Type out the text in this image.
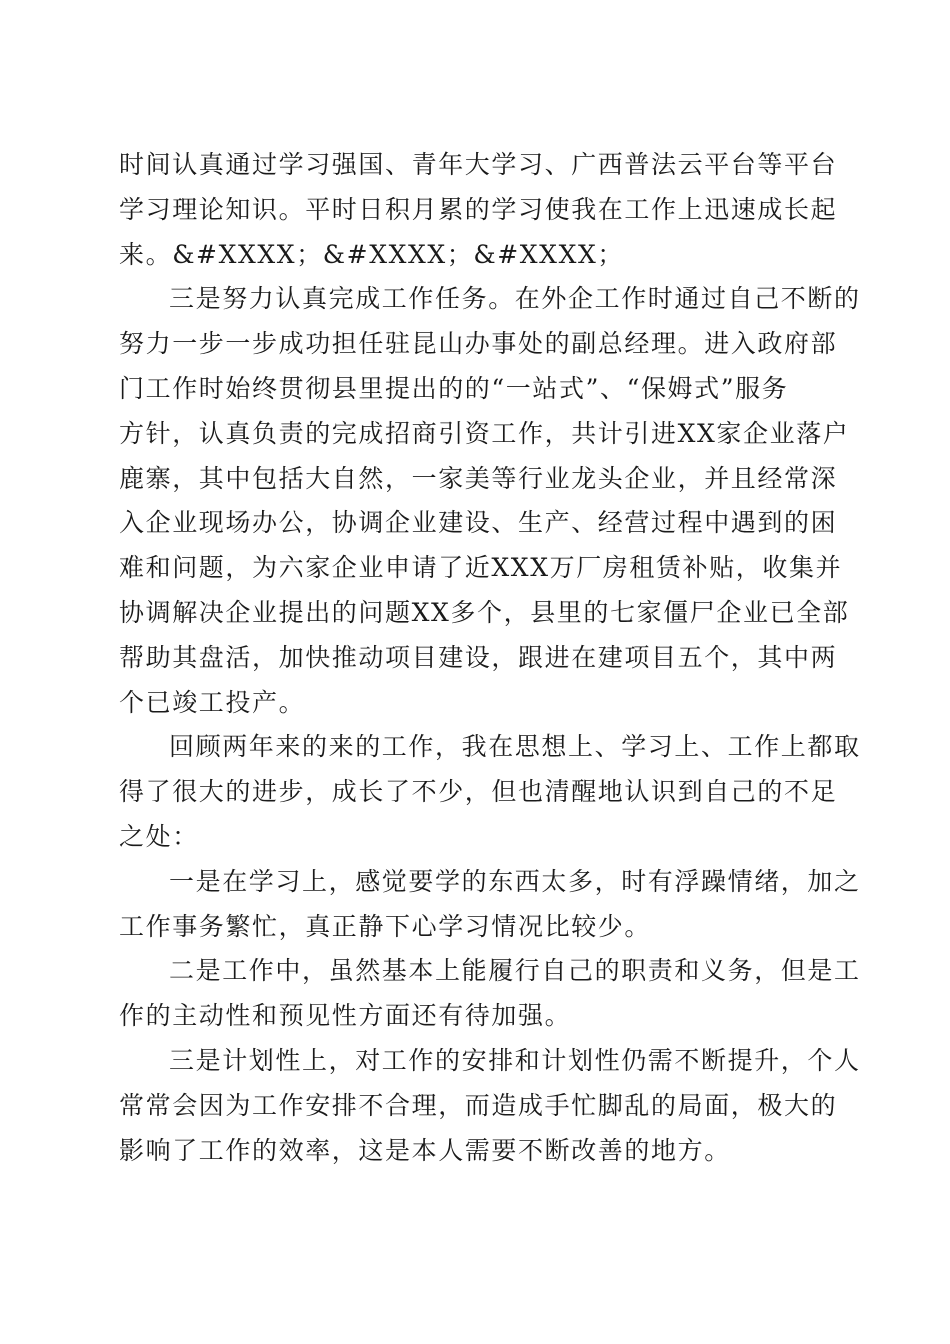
时间认真通过学习强国、青年大学习、广西普法云平台等平台
学习理论知识。平时日积月累的学习使我在工作上迅速成长起
来。&#XXXX；&#XXXX；&#XXXX；

三是努力认真完成工作任务。在外企工作时通过自己不断的
努力一步一步成功担任驻昆山办事处的副总经理。进入政府部
门工作时始终贯彻县里提出的的“一站式”、“保姆式”服务
方针，认真负责的完成招商引资工作，共计引进XX家企业落户
鹿寨，其中包括大自然，一家美等行业龙头企业，并且经常深
入企业现场办公，协调企业建设、生产、经营过程中遇到的困
难和问题，为六家企业申请了近XXX万厂房租赁补贴，收集并
协调解决企业提出的问题XX多个，县里的七家僵尸企业已全部
帮助其盘活，加快推动项目建设，跟进在建项目五个，其中两
个已竣工投产。

回顾两年来的来的工作，我在思想上、学习上、工作上都取
得了很大的进步，成长了不少，但也清醒地认识到自己的不足
之处：

一是在学习上，感觉要学的东西太多，时有浮躁情绪，加之
工作事务繁忙，真正静下心学习情况比较少。

二是工作中，虽然基本上能履行自己的职责和义务，但是工
作的主动性和预见性方面还有待加强。

三是计划性上，对工作的安排和计划性仍需不断提升，个人
常常会因为工作安排不合理，而造成手忙脚乱的局面，极大的
影响了工作的效率，这是本人需要不断改善的地方。
